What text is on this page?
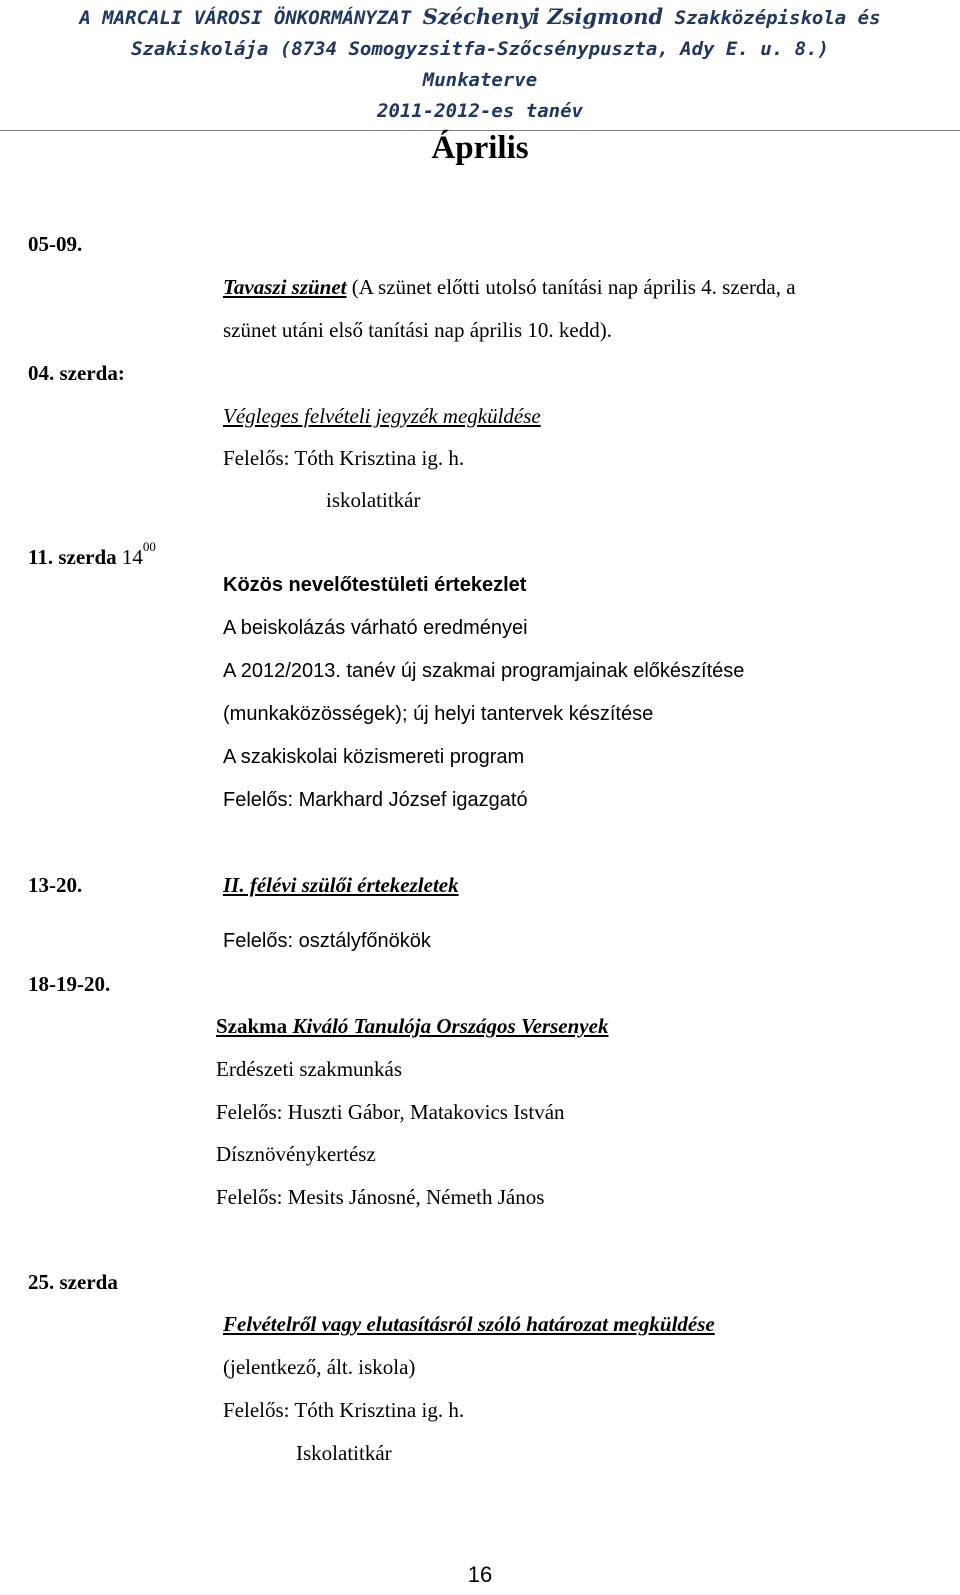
A MARCALI VÁROSI ÖNKORMÁNYZAT Széchenyi Zsigmond Szakközépiskola és
Szakiskolája (8734 Somogyzsitfa-Szőcsénypuszta, Ady E. u. 8.)
Munkaterve
2011-2012-es tanév
Április
05-09.
Tavaszi szünet (A szünet előtti utolsó tanítási nap április 4. szerda, a
szünet utáni első tanítási nap április 10. kedd).
04. szerda:
Végleges felvételi jegyzék megküldése
Felelős: Tóth Krisztina ig. h.
iskolatitkár
11. szerda $14^{00}$
Közös nevelőtestületi értekezlet
A beiskolázás várható eredményei
A 2012/2013. tanév új szakmai programjainak előkészítése
(munkaközösségek); új helyi tantervek készítése
A szakiskolai közismereti program
Felelős: Markhard József igazgató
13-20.	II. félévi szülői értekezletek
Felelős: osztályfőnökök
18-19-20.
Szakma Kiváló Tanulója Országos Versenyek
Erdészeti szakmunkás
Felelős: Huszti Gábor, Matakovics István
Dísznövénykertész
Felelős: Mesits Jánosné, Németh János
25. szerda
Felvételről vagy elutasításról szóló határozat megküldése
(jelentkező, ált. iskola)
Felelős: Tóth Krisztina ig. h.
Iskolatitkár
16
